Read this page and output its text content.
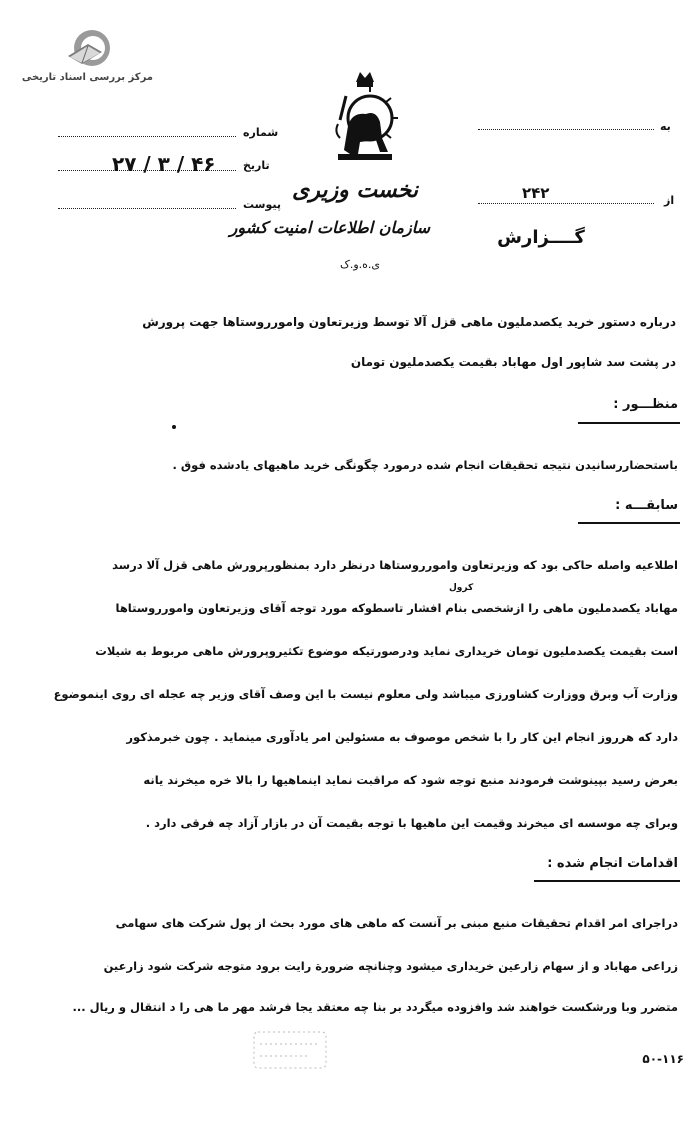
مرکز بررسی اسناد تاریخی
نخست وزیری
سازمان اطلاعات امنیت کشور
ی.ه.و.ک
شماره
۲۷ / ۳ / ۴۶	تاریخ
پیوست
به
۲۴۲	از
گــــزارش
درباره دستور خرید یکصدملیون ماهی قزل آلا توسط وزیرتعاون وامورروستاها جهت پرورش
در پشت سد شاپور اول مهاباد بقیمت یکصدملیون تومان
منظـــور :
باستحضاررسانیدن نتیجه تحقیقات انجام شده درمورد چگونگی خرید ماهیهای یادشده فوق .
سابقـــه :
کرول
اطلاعیه واصله حاکی بود که وزیرتعاون وامورروستاها درنظر دارد بمنظورپرورش ماهی قزل آلا درسد
مهاباد یکصدملیون ماهی را ازشخصی بنام افشار تاسطوکه مورد توجه آقای وزیرتعاون وامورروستاها
است بقیمت یکصدملیون تومان خریداری نماید ودرصورتیکه موضوع تکثیروپرورش ماهی مربوط به شیلات
وزارت آب وبرق ووزارت کشاورزی میباشد ولی معلوم نیست با این وصف آقای وزیر چه عجله ای روی اینموضوع
دارد که هرروز انجام این کار را با شخص موصوف به مسئولین امر یادآوری مینماید . چون خبرمذکور
بعرض رسید بپینوشت فرمودند منبع توجه شود که مراقبت نماید اینماهیها را بالا خره میخرند یانه
وبرای چه موسسه ای میخرند وقیمت این ماهیها با توجه بقیمت آن در بازار آزاد چه فرقی دارد .
اقدامات انجام شده :
دراجرای امر اقدام تحقیقات منبع مبنی بر آنست که ماهی های مورد بحث از پول شرکت های سهامی
زراعی مهاباد و از سهام زارعین خریداری میشود وچنانچه ضرورة رایت برود متوجه شرکت شود زارعین
متضرر وبا ورشکست خواهند شد وافزوده میگردد بر بنا چه معتقد یجا فرشد مهر ما هی را د انتقال و ریال ...
۵۰-۱۱۶
